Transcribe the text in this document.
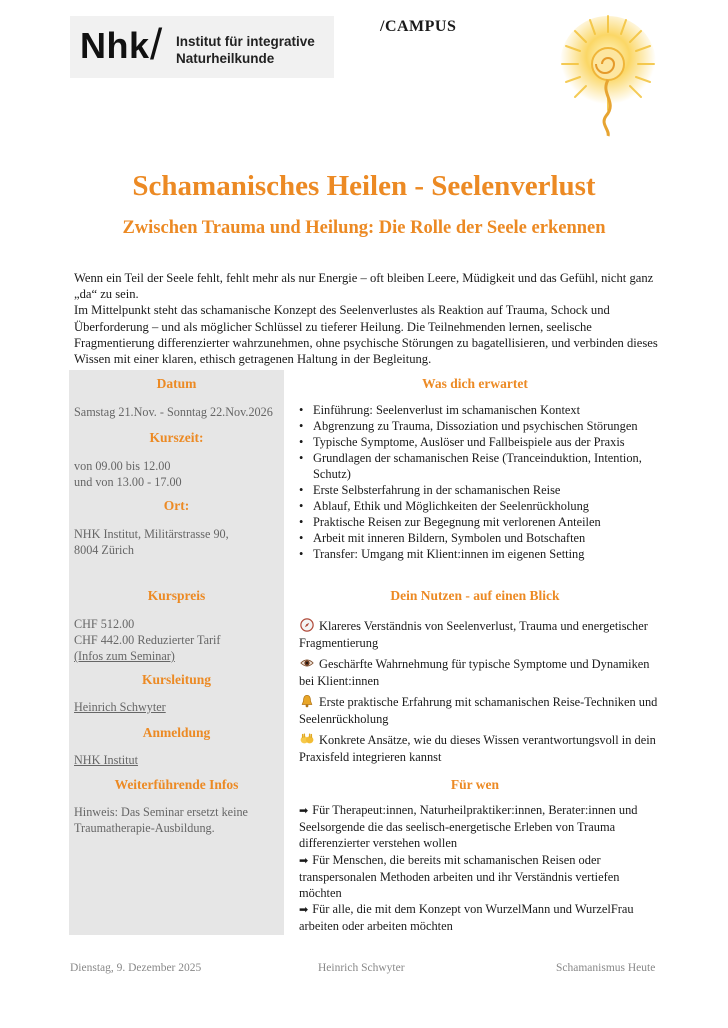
Nhk / Institut für integrative
Naturheilkunde
/CAMPUS
Schamanisches Heilen - Seelenverlust
Zwischen Trauma und Heilung: Die Rolle der Seele erkennen

Wenn ein Teil der Seele fehlt, fehlt mehr als nur Energie – oft bleiben Leere, Müdigkeit und das Gefühl, nicht ganz „da“ zu sein.

Im Mittelpunkt steht das schamanische Konzept des Seelenverlustes als Reaktion auf Trauma, Schock und Überforderung – und als möglicher Schlüssel zu tieferer Heilung. Die Teilnehmenden lernen, seelische Fragmentierung differenzierter wahrzunehmen, ohne psychische Störungen zu bagatellisieren, und verbinden dieses Wissen mit einer klaren, ethisch getragenen Haltung in der Begleitung.

Datum
Samstag 21.Nov. - Sonntag 22.Nov.2026
Kurszeit:
von 09.00 bis 12.00
und von 13.00 - 17.00
Ort:
NHK Institut, Militärstrasse 90,
8004 Zürich
Kurspreis
CHF 512.00
CHF 442.00 Reduzierter Tarif
(Infos zum Seminar)
Kursleitung
Heinrich Schwyter
Anmeldung
NHK Institut
Weiterführende Infos
Hinweis: Das Seminar ersetzt keine
Traumatherapie-Ausbildung.
Was dich erwartet
• Einführung: Seelenverlust im schamanischen Kontext
• Abgrenzung zu Trauma, Dissoziation und psychischen Störungen
• Typische Symptome, Auslöser und Fallbeispiele aus der Praxis
• Grundlagen der schamanischen Reise (Tranceinduktion, Intention, Schutz)
• Erste Selbsterfahrung in der schamanischen Reise
• Ablauf, Ethik und Möglichkeiten der Seelenrückholung
• Praktische Reisen zur Begegnung mit verlorenen Anteilen
• Arbeit mit inneren Bildern, Symbolen und Botschaften
• Transfer: Umgang mit Klient:innen im eigenen Setting
Dein Nutzen - auf einen Blick

Klareres Verständnis von Seelenverlust, Trauma und energetischer Fragmentierung

Geschärfte Wahrnehmung für typische Symptome und Dynamiken bei Klient:innen

Erste praktische Erfahrung mit schamanischen Reise-Techniken und Seelenrückholung

Konkrete Ansätze, wie du dieses Wissen verantwortungsvoll in dein Praxisfeld integrieren kannst

Für wen

➡ Für Therapeut:innen, Naturheilpraktiker:innen, Berater:innen und Seelsorgende die das seelisch-energetische Erleben von Trauma differenzierter verstehen wollen

➡ Für Menschen, die bereits mit schamanischen Reisen oder transpersonalen Methoden arbeiten und ihr Verständnis vertiefen möchten

➡ Für alle, die mit dem Konzept von WurzelMann und WurzelFrau arbeiten oder arbeiten möchten

Dienstag, 9. Dezember 2025	Heinrich Schwyter	Schamanismus Heute
